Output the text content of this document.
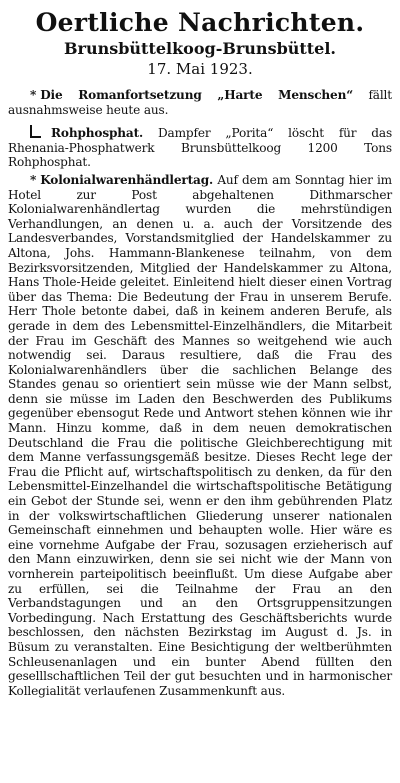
Oertliche Nachrichten.
Brunsbüttelkoog-Brunsbüttel.
17. Mai 1923.

* Die Romanfortsetzung „Harte Menschen“ fällt ausnahmsweise heute aus.

Rohphosphat. Dampfer „Porita“ löscht für das Rhenania-Phosphatwerk Brunsbüttelkoog 1200 Tons Rohphosphat.

* Kolonialwarenhändlertag. Auf dem am Sonntag hier im Hotel zur Post abgehaltenen Dithmarscher Kolonialwarenhändlertag wurden die mehrstündigen Verhandlungen, an denen u. a. auch der Vorsitzende des Landesverbandes, Vorstandsmitglied der Handelskammer zu Altona, Johs. Hammann-Blankenese teilnahm, von dem Bezirksvorsitzenden, Mitglied der Handelskammer zu Altona, Hans Thole-Heide geleitet. Einleitend hielt dieser einen Vortrag über das Thema: Die Bedeutung der Frau in unserem Berufe. Herr Thole betonte dabei, daß in keinem anderen Berufe, als gerade in dem des Lebensmittel-Einzelhändlers, die Mitarbeit der Frau im Geschäft des Mannes so weitgehend wie auch notwendig sei. Daraus resultiere, daß die Frau des Kolonialwarenhändlers über die sachlichen Belange des Standes genau so orientiert sein müsse wie der Mann selbst, denn sie müsse im Laden den Beschwerden des Publikums gegenüber ebensogut Rede und Antwort stehen können wie ihr Mann. Hinzu komme, daß in dem neuen demokratischen Deutschland die Frau die politische Gleichberechtigung mit dem Manne verfassungsgemäß besitze. Dieses Recht lege der Frau die Pflicht auf, wirtschaftspolitisch zu denken, da für den Lebensmittel-Einzelhandel die wirtschaftspolitische Betätigung ein Gebot der Stunde sei, wenn er den ihm gebührenden Platz in der volkswirtschaftlichen Gliederung unserer nationalen Gemeinschaft einnehmen und behaupten wolle. Hier wäre es eine vornehme Aufgabe der Frau, sozusagen erzieherisch auf den Mann einzuwirken, denn sie sei nicht wie der Mann von vornherein parteipolitisch beeinflußt. Um diese Aufgabe aber zu erfüllen, sei die Teilnahme der Frau an den Verbandstagungen und an den Ortsgruppensitzungen Vorbedingung. Nach Erstattung des Geschäftsberichts wurde beschlossen, den nächsten Bezirkstag im August d. Js. in Büsum zu veranstalten. Eine Besichtigung der weltberühmten Schleusenanlagen und ein bunter Abend füllten den geselllschaftlichen Teil der gut besuchten und in harmonischer Kollegialität verlaufenen Zusammenkunft aus.
